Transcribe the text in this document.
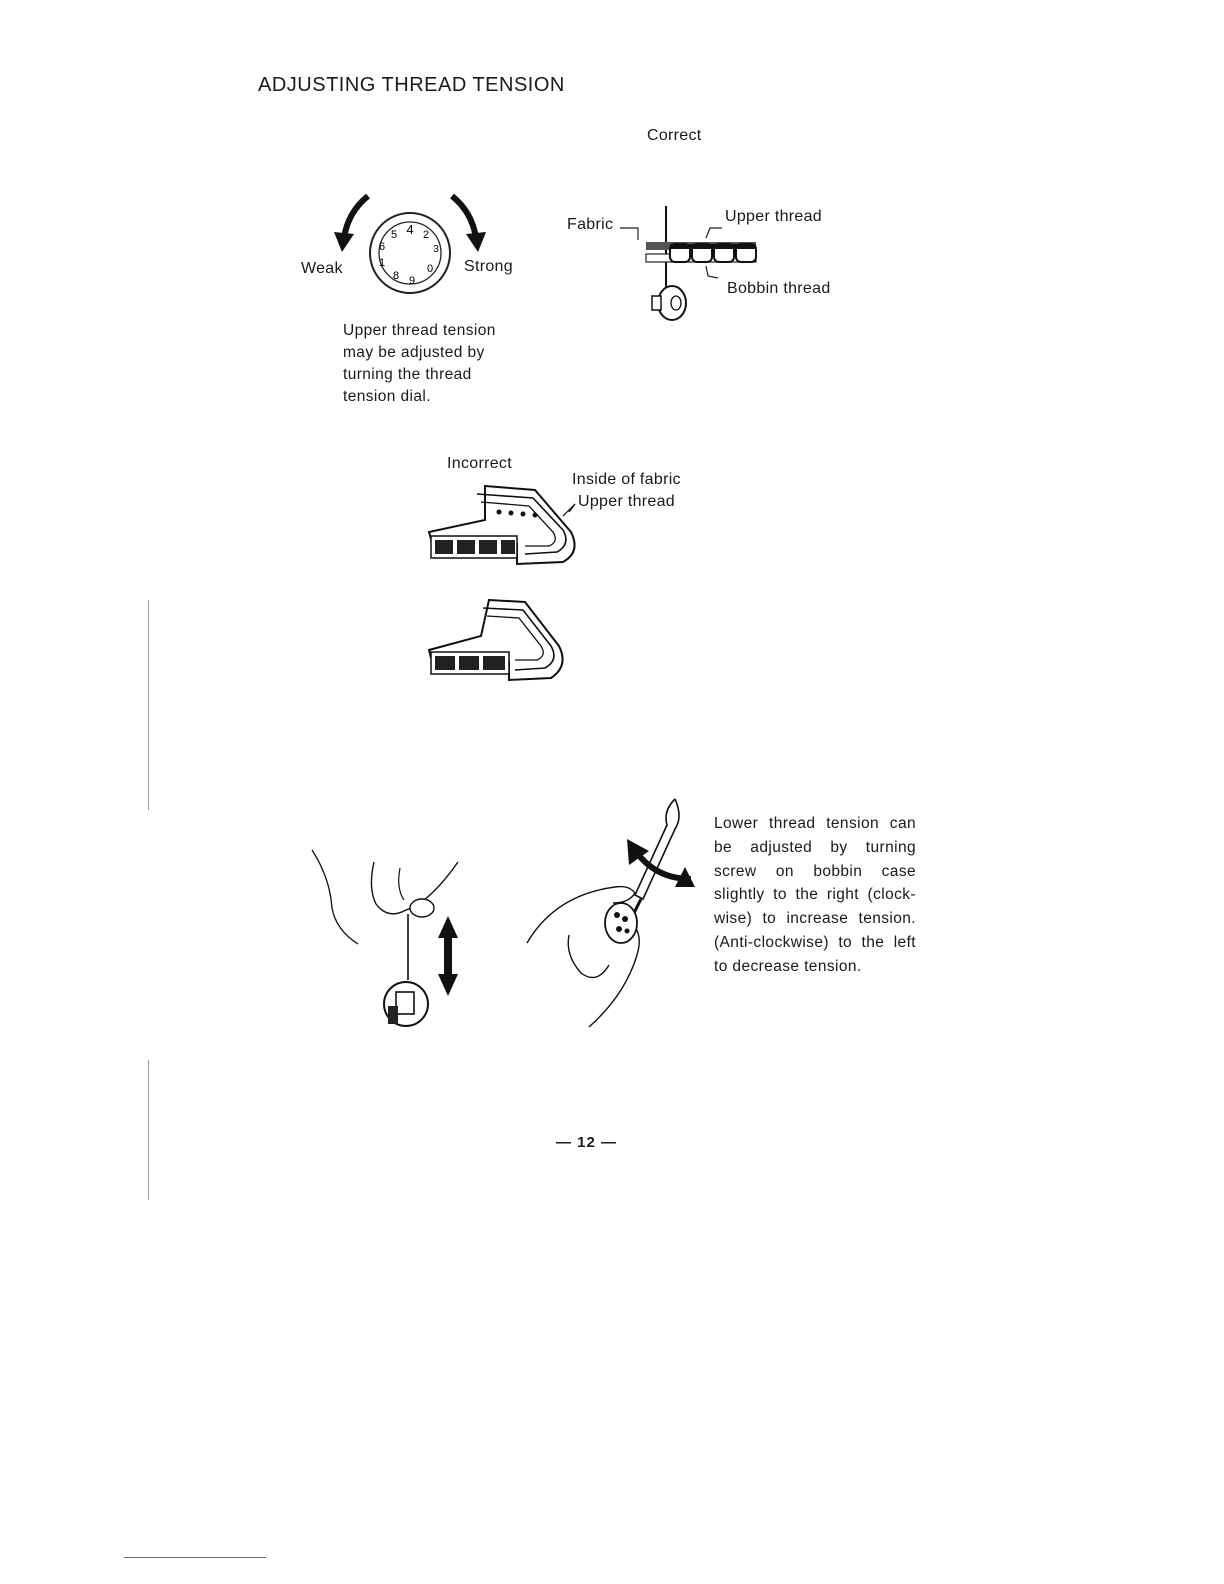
ADJUSTING THREAD TENSION
4
5
6
1
2
3
8 9
0
Weak	Strong
Upper thread tension
may be adjusted by
turning the thread
tension dial.
Correct
Fabric	Upper thread
Bobbin thread
Incorrect
Inside of fabric
Upper thread
Lower thread tension can be adjusted by turning screw on bobbin case slightly to the right (clock-wise) to increase tension. (Anti-clockwise) to the left to decrease tension.
— 12 —
